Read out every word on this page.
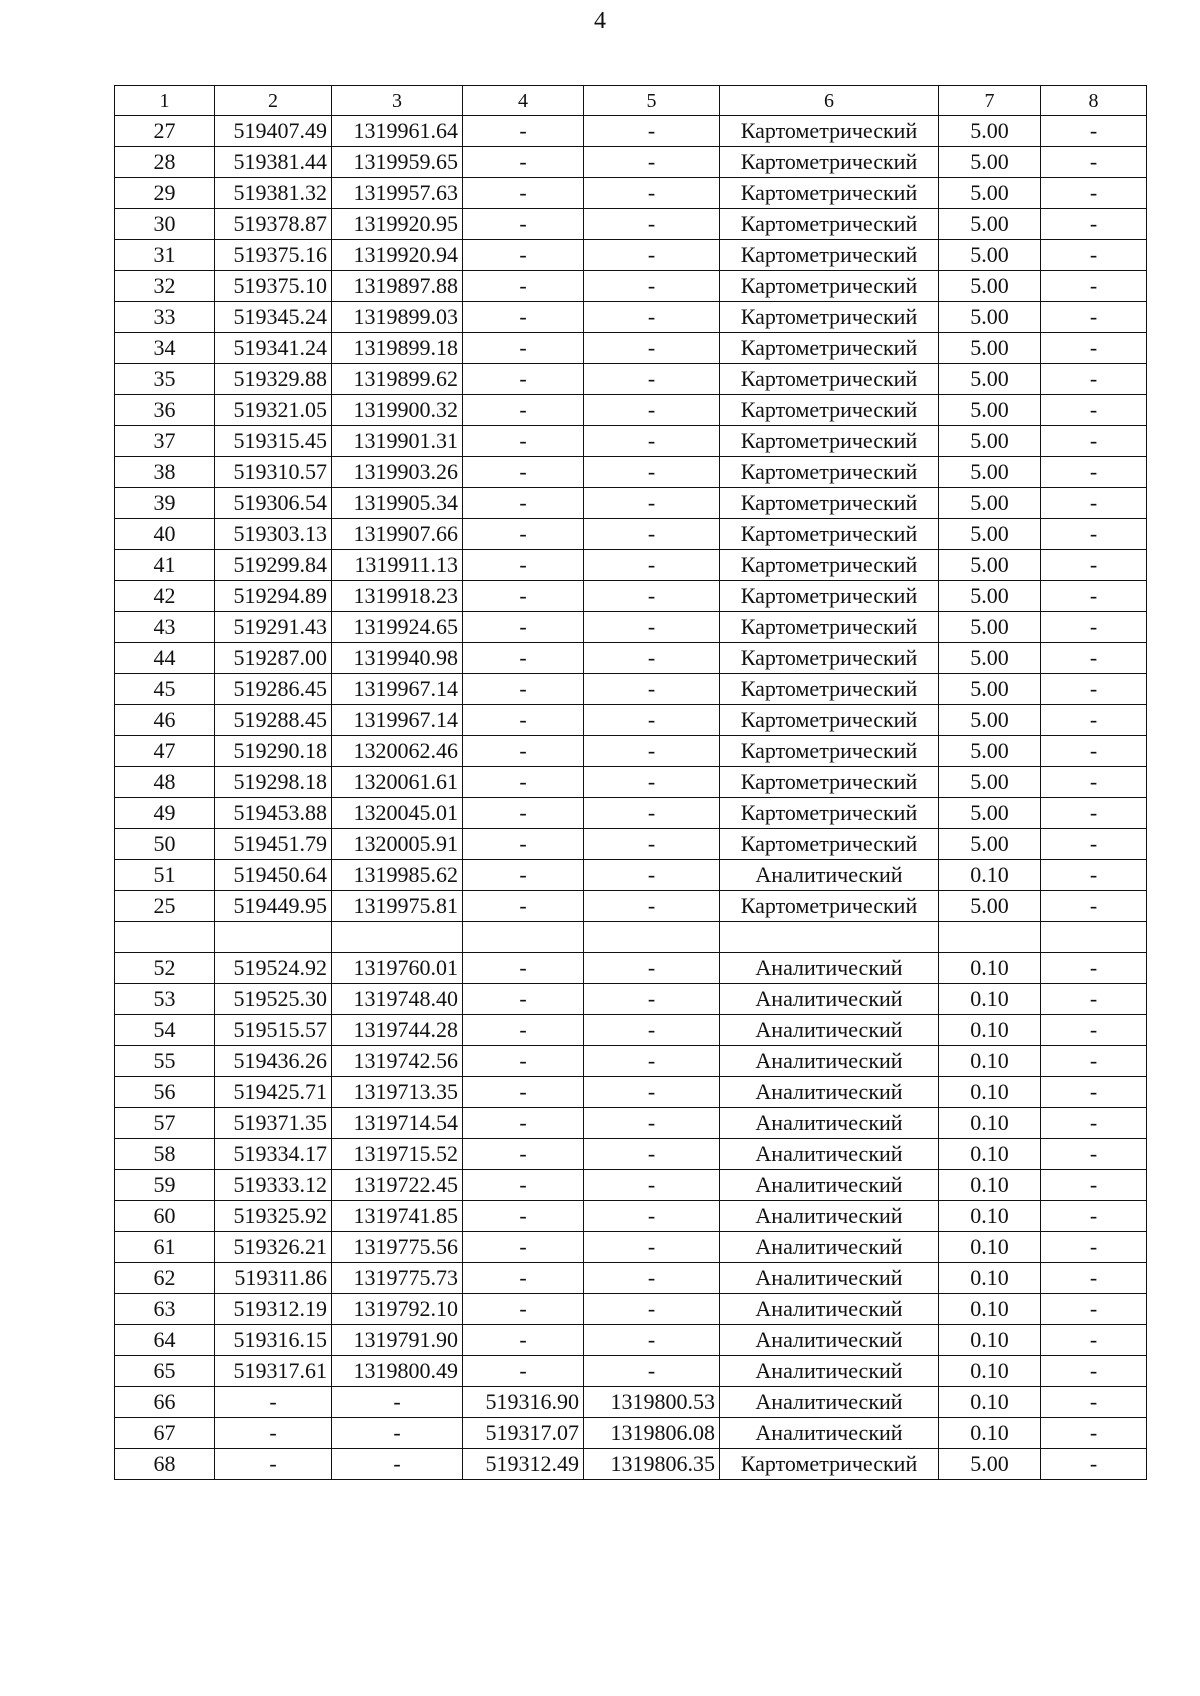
4
1	2	3	4	5	6	7	8
27	519407.49	1319961.64	-	-	Картометрический	5.00	-
28	519381.44	1319959.65	-	-	Картометрический	5.00	-
29	519381.32	1319957.63	-	-	Картометрический	5.00	-
30	519378.87	1319920.95	-	-	Картометрический	5.00	-
31	519375.16	1319920.94	-	-	Картометрический	5.00	-
32	519375.10	1319897.88	-	-	Картометрический	5.00	-
33	519345.24	1319899.03	-	-	Картометрический	5.00	-
34	519341.24	1319899.18	-	-	Картометрический	5.00	-
35	519329.88	1319899.62	-	-	Картометрический	5.00	-
36	519321.05	1319900.32	-	-	Картометрический	5.00	-
37	519315.45	1319901.31	-	-	Картометрический	5.00	-
38	519310.57	1319903.26	-	-	Картометрический	5.00	-
39	519306.54	1319905.34	-	-	Картометрический	5.00	-
40	519303.13	1319907.66	-	-	Картометрический	5.00	-
41	519299.84	1319911.13	-	-	Картометрический	5.00	-
42	519294.89	1319918.23	-	-	Картометрический	5.00	-
43	519291.43	1319924.65	-	-	Картометрический	5.00	-
44	519287.00	1319940.98	-	-	Картометрический	5.00	-
45	519286.45	1319967.14	-	-	Картометрический	5.00	-
46	519288.45	1319967.14	-	-	Картометрический	5.00	-
47	519290.18	1320062.46	-	-	Картометрический	5.00	-
48	519298.18	1320061.61	-	-	Картометрический	5.00	-
49	519453.88	1320045.01	-	-	Картометрический	5.00	-
50	519451.79	1320005.91	-	-	Картометрический	5.00	-
51	519450.64	1319985.62	-	-	Аналитический	0.10	-
25	519449.95	1319975.81	-	-	Картометрический	5.00	-

52	519524.92	1319760.01	-	-	Аналитический	0.10	-
53	519525.30	1319748.40	-	-	Аналитический	0.10	-
54	519515.57	1319744.28	-	-	Аналитический	0.10	-
55	519436.26	1319742.56	-	-	Аналитический	0.10	-
56	519425.71	1319713.35	-	-	Аналитический	0.10	-
57	519371.35	1319714.54	-	-	Аналитический	0.10	-
58	519334.17	1319715.52	-	-	Аналитический	0.10	-
59	519333.12	1319722.45	-	-	Аналитический	0.10	-
60	519325.92	1319741.85	-	-	Аналитический	0.10	-
61	519326.21	1319775.56	-	-	Аналитический	0.10	-
62	519311.86	1319775.73	-	-	Аналитический	0.10	-
63	519312.19	1319792.10	-	-	Аналитический	0.10	-
64	519316.15	1319791.90	-	-	Аналитический	0.10	-
65	519317.61	1319800.49	-	-	Аналитический	0.10	-
66	-	-	519316.90	1319800.53	Аналитический	0.10	-
67	-	-	519317.07	1319806.08	Аналитический	0.10	-
68	-	-	519312.49	1319806.35	Картометрический	5.00	-
